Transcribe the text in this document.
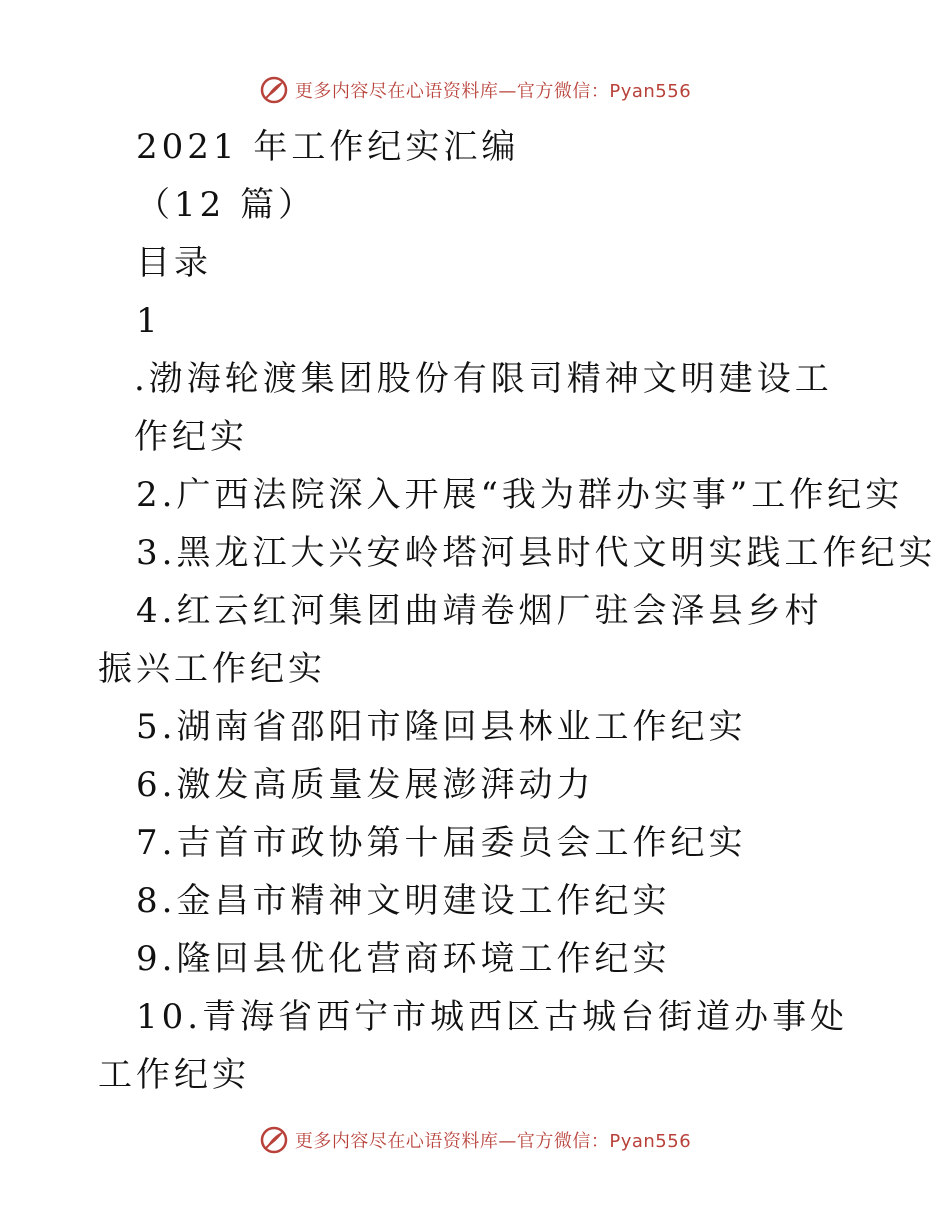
更多内容尽在心语资料库—官方微信：Pyan556
2021 年工作纪实汇编
（12 篇）
目录
1
.渤海轮渡集团股份有限司精神文明建设工作纪实
2.广西法院深入开展“我为群办实事”工作纪实
3.黑龙江大兴安岭塔河县时代文明实践工作纪实
4.红云红河集团曲靖卷烟厂驻会泽县乡村振兴工作纪实
5.湖南省邵阳市隆回县林业工作纪实
6.激发高质量发展澎湃动力
7.吉首市政协第十届委员会工作纪实
8.金昌市精神文明建设工作纪实
9.隆回县优化营商环境工作纪实
10.青海省西宁市城西区古城台街道办事处工作纪实
更多内容尽在心语资料库—官方微信：Pyan556
